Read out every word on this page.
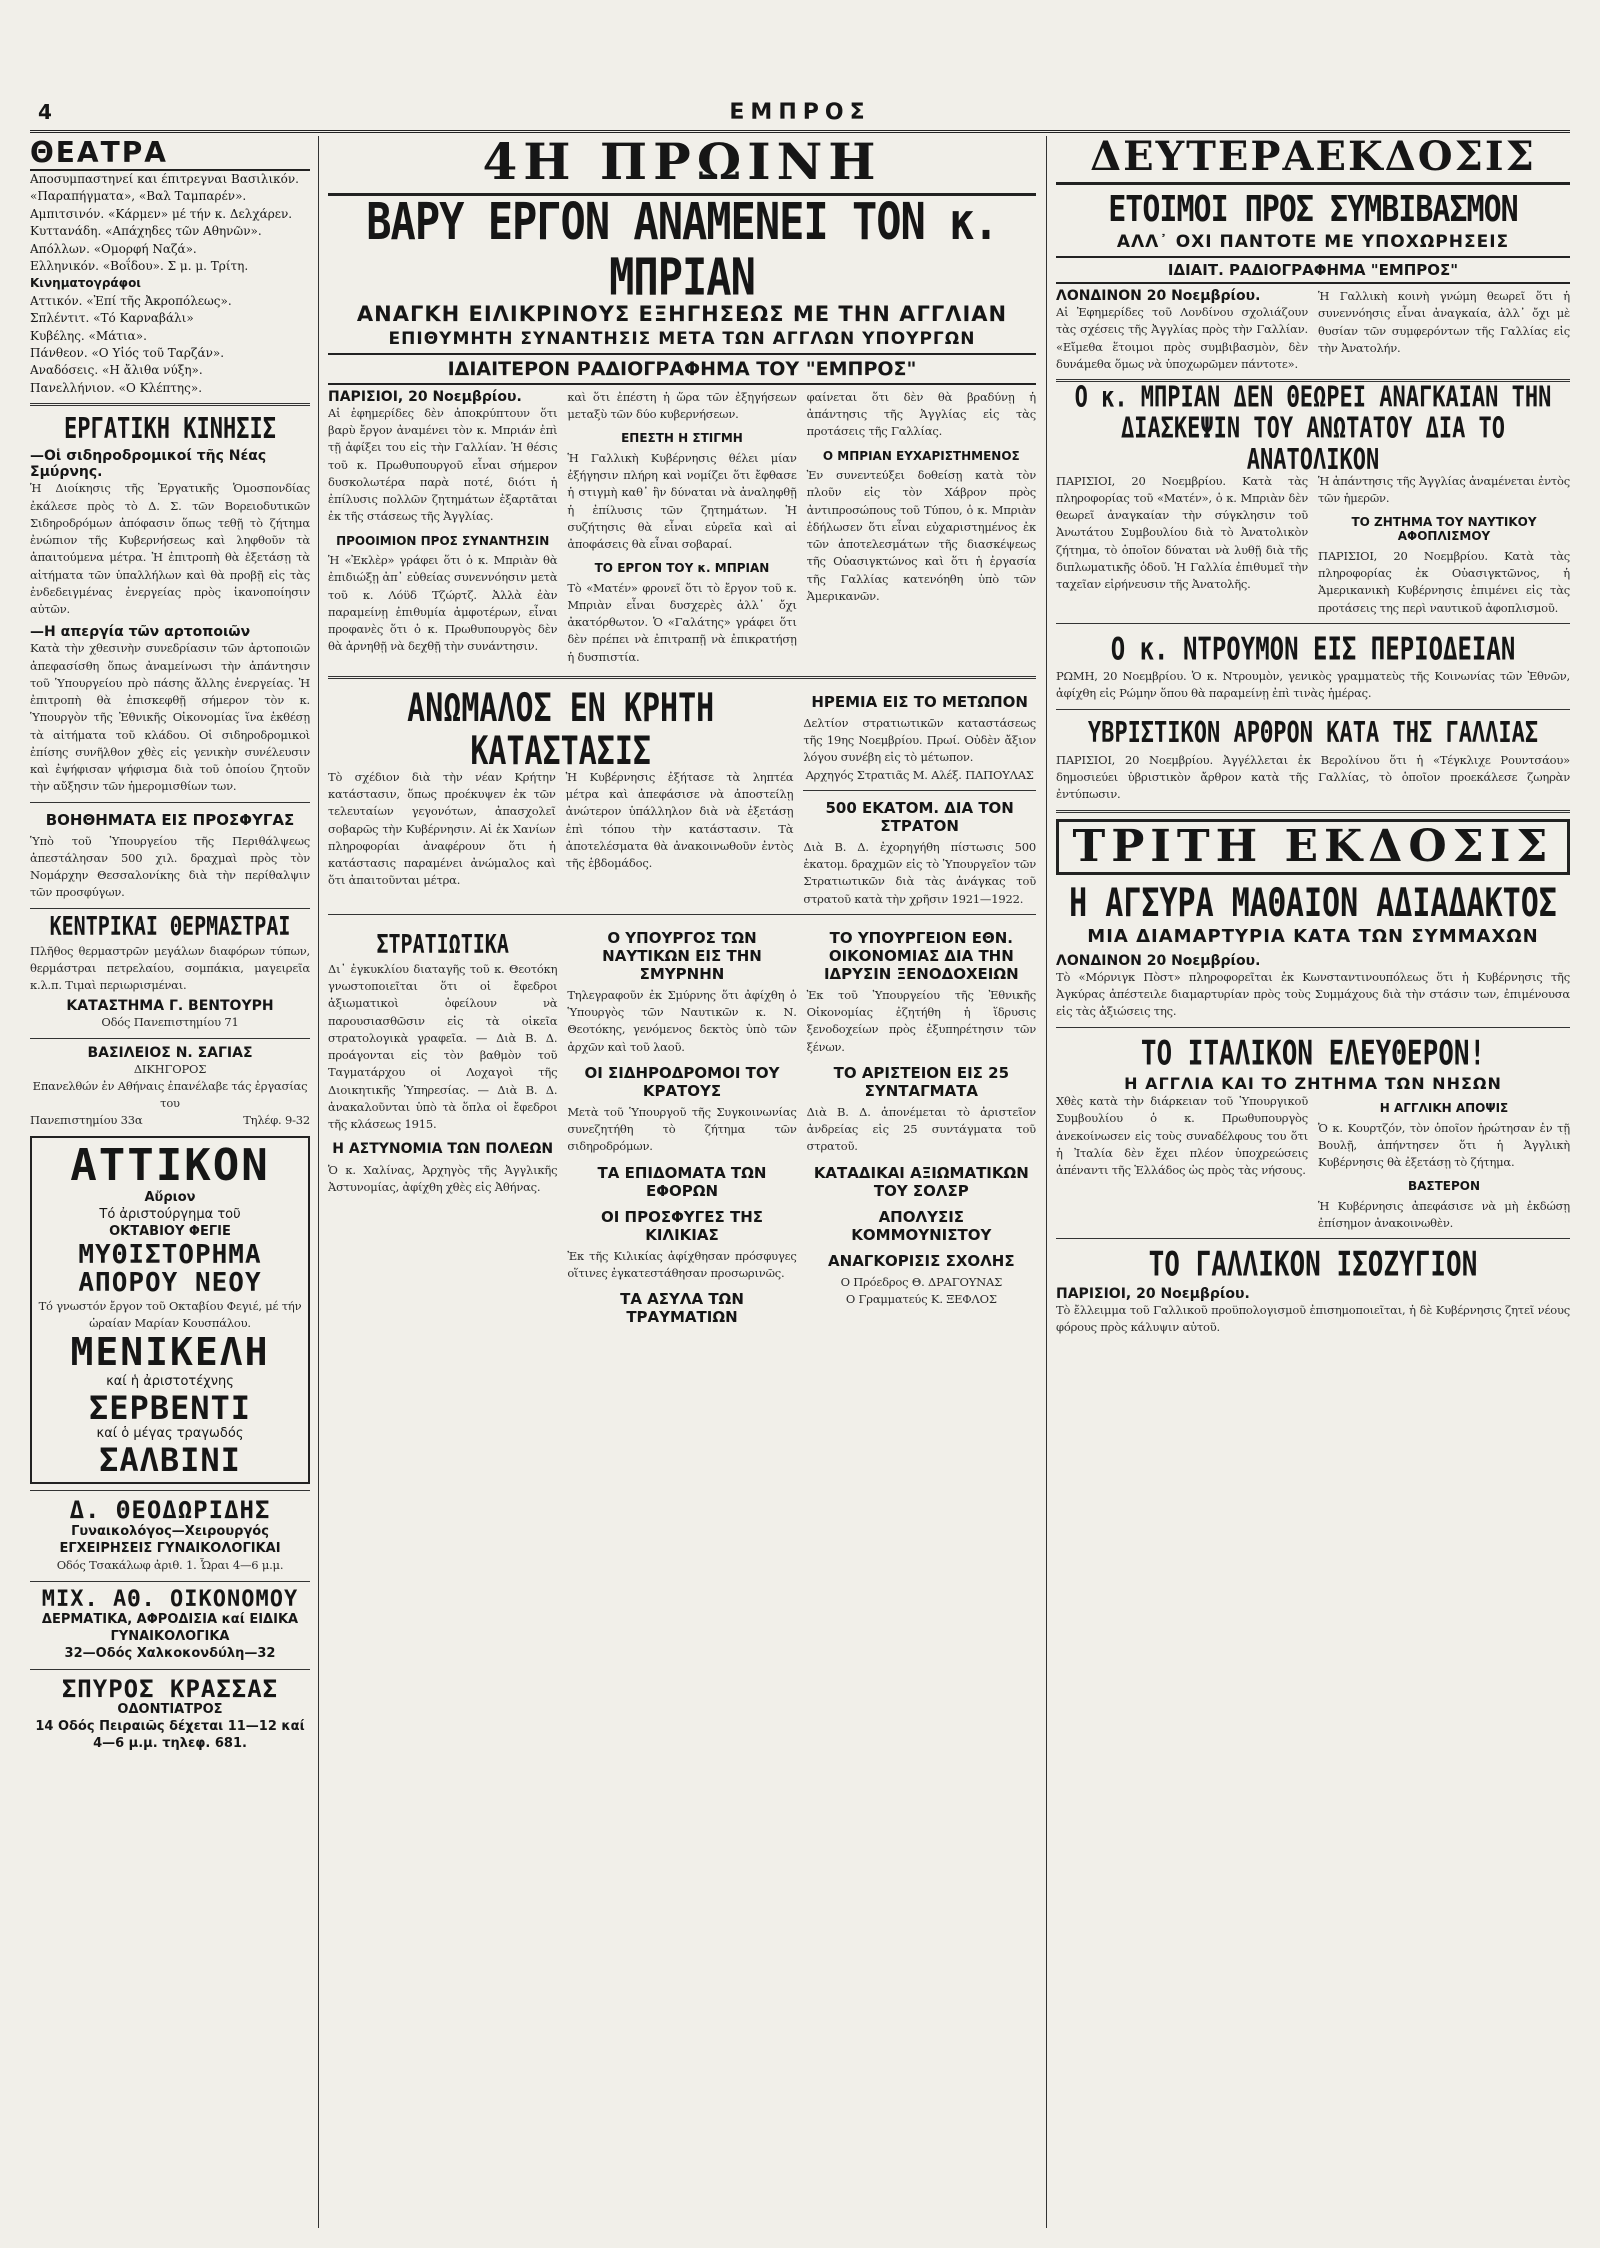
4	ΕΜΠΡΟΣ
ΘΕΑΤΡΑ
Αποσυμπαστηνεί και έπιτρεγναι Βασιλικόν. «Παραπήγματα», «Βαλ Ταμπαρέν».
Αμπιτσινόν. «Κάρμεν» μέ τήν κ. Δελχάρεν.
Κυττανάδη. «Απάχηδες τῶν Αθηνῶν».
Απόλλων. «Ομορφή Ναζά».
Ελληνικόν. «Βοΐδου». Σ μ. μ. Τρίτη.
Κινηματογράφοι
Αττικόν. «Ἐπί τῆς Ἀκροπόλεως».
Σπλέντιτ. «Τό Καρναβάλι»
Κυβέλης. «Μάτια».
Πάνθεον. «Ο Υἱός τοῦ Ταρζάν».
Αναδόσεις. «Η ἄλιθα νύξη».
Πανελλήνιον. «Ο Κλέπτης».
ΕΡΓΑΤΙΚΗ ΚΙΝΗΣΙΣ
—Οἱ σιδηροδρομικοί τῆς Νέας Σμύρνης.
Ἡ Διοίκησις τῆς Ἐργατικῆς Ὁμοσπονδίας ἐκάλεσε πρὸς τὸ Δ. Σ. τῶν Βορειοδυτικῶν Σιδηροδρόμων ἀπόφασιν ὅπως τεθῇ τὸ ζήτημα ἐνώπιον τῆς Κυβερνήσεως καὶ ληφθοῦν τὰ ἀπαιτούμενα μέτρα. Ἡ ἐπιτροπὴ θὰ ἐξετάσῃ τὰ αἰτήματα τῶν ὑπαλλήλων καὶ θὰ προβῇ εἰς τὰς ἐνδεδειγμένας ἐνεργείας πρὸς ἱκανοποίησιν αὐτῶν.
—Η απεργία τῶν αρτοποιῶν
Κατὰ τὴν χθεσινὴν συνεδρίασιν τῶν ἀρτοποιῶν ἀπεφασίσθη ὅπως ἀναμείνωσι τὴν ἀπάντησιν τοῦ Ὑπουργείου πρὸ πάσης ἄλλης ἐνεργείας. Ἡ ἐπιτροπὴ θὰ ἐπισκεφθῇ σήμερον τὸν κ. Ὑπουργὸν τῆς Ἐθνικῆς Οἰκονομίας ἵνα ἐκθέσῃ τὰ αἰτήματα τοῦ κλάδου. Οἱ σιδηροδρομικοὶ ἐπίσης συνῆλθον χθὲς εἰς γενικὴν συνέλευσιν καὶ ἐψήφισαν ψήφισμα διὰ τοῦ ὁποίου ζητοῦν τὴν αὔξησιν τῶν ἡμερομισθίων των.
ΒΟΗΘΗΜΑΤΑ ΕΙΣ ΠΡΟΣΦΥΓΑΣ
Ὑπὸ τοῦ Ὑπουργείου τῆς Περιθάλψεως ἀπεστάλησαν 500 χιλ. δραχμαὶ πρὸς τὸν Νομάρχην Θεσσαλονίκης διὰ τὴν περίθαλψιν τῶν προσφύγων.
ΚΕΝΤΡΙΚΑΙ ΘΕΡΜΑΣΤΡΑΙ
Πλῆθος θερμαστρῶν μεγάλων διαφόρων τύπων, θερμάστραι πετρελαίου, σομπάκια, μαγειρεῖα κ.λ.π. Τιμαὶ περιωρισμέναι.
ΚΑΤΑΣΤΗΜΑ Γ. ΒΕΝΤΟΥΡΗ
Οδός Πανεπιστημίου 71
ΒΑΣΙΛΕΙΟΣ Ν. ΣΑΓΙΑΣ
ΔΙΚΗΓΟΡΟΣ
Επανελθών ἐν Αθήναις ἐπανέλαβε τάς ἐργασίας του
Πανεπιστημίου 33α	Τηλέφ. 9-32
ΑΤΤΙΚΟΝ
Αὔριον
Τό ἀριστούργημα τοῦ
ΟΚΤΑΒΙΟΥ ΦΕΓΙΕ
ΜΥΘΙΣΤΟΡΗΜΑ ΑΠΟΡΟΥ ΝΕΟΥ
Τό γνωστόν ἔργον τοῦ Οκταβίου Φεγιέ, μέ τήν ὡραίαν Μαρίαν Κουσπάλου.
ΜΕΝΙΚΕΛΗ
καί ἡ ἀριστοτέχνης
ΣΕΡΒΕΝΤΙ
καί ὁ μέγας τραγωδός
ΣΑΛΒΙΝΙ
Δ. ΘΕΟΔΩΡΙΔΗΣ
Γυναικολόγος—Χειρουργός
ΕΓΧΕΙΡΗΣΕΙΣ ΓΥΝΑΙΚΟΛΟΓΙΚΑΙ
Οδός Τσακάλωφ ἀριθ. 1. Ὧραι 4—6 μ.μ.
ΜΙΧ. ΑΘ. ΟΙΚΟΝΟΜΟΥ
ΔΕΡΜΑΤΙΚΑ, ΑΦΡΟΔΙΣΙΑ καί ΕΙΔΙΚΑ ΓΥΝΑΙΚΟΛΟΓΙΚΑ
32—Οδός Χαλκοκονδύλη—32
ΣΠΥΡΟΣ ΚΡΑΣΣΑΣ
ΟΔΟΝΤΙΑΤΡΟΣ
14 Οδός Πειραιῶς δέχεται 11—12 καί 4—6 μ.μ. τηλεφ. 681.
4Η ΠΡΩΙΝΗ
ΒΑΡΥ ΕΡΓΟΝ ΑΝΑΜΕΝΕΙ ΤΟΝ κ. ΜΠΡΙΑΝ
ΑΝΑΓΚΗ ΕΙΛΙΚΡΙΝΟΥΣ ΕΞΗΓΗΣΕΩΣ ΜΕ ΤΗΝ ΑΓΓΛΙΑΝ
ΕΠΙΘΥΜΗΤΗ ΣΥΝΑΝΤΗΣΙΣ ΜΕΤΑ ΤΩΝ ΑΓΓΛΩΝ ΥΠΟΥΡΓΩΝ
ΙΔΙΑΙΤΕΡΟΝ ΡΑΔΙΟΓΡΑΦΗΜΑ ΤΟΥ "ΕΜΠΡΟΣ"
ΠΑΡΙΣΙΟΙ, 20 Νοεμβρίου.
Αἱ ἐφημερίδες δὲν ἀποκρύπτουν ὅτι βαρὺ ἔργον ἀναμένει τὸν κ. Μπριάν ἐπὶ τῇ ἀφίξει του εἰς τὴν Γαλλίαν. Ἡ θέσις τοῦ κ. Πρωθυπουργοῦ εἶναι σήμερον δυσκολωτέρα παρὰ ποτέ, διότι ἡ ἐπίλυσις πολλῶν ζητημάτων ἐξαρτᾶται ἐκ τῆς στάσεως τῆς Ἀγγλίας.
ΠΡΟΟΙΜΙΟΝ ΠΡΟΣ ΣΥΝΑΝΤΗΣΙΝ
Ἡ «Ἐκλὲρ» γράφει ὅτι ὁ κ. Μπριὰν θὰ ἐπιδιώξῃ ἀπ᾽ εὐθείας συνεννόησιν μετὰ τοῦ κ. Λόϋδ Τζώρτζ. Ἀλλὰ ἐὰν παραμείνῃ ἐπιθυμία ἀμφοτέρων, εἶναι προφανὲς ὅτι ὁ κ. Πρωθυπουργὸς δὲν θὰ ἀρνηθῇ νὰ δεχθῇ τὴν συνάντησιν.
καὶ ὅτι ἐπέστη ἡ ὥρα τῶν ἐξηγήσεων μεταξὺ τῶν δύο κυβερνήσεων.
ΕΠΕΣΤΗ Η ΣΤΙΓΜΗ
Ἡ Γαλλικὴ Κυβέρνησις θέλει μίαν ἐξήγησιν πλήρη καὶ νομίζει ὅτι ἔφθασε ἡ στιγμὴ καθ᾽ ἣν δύναται νὰ ἀναληφθῇ ἡ ἐπίλυσις τῶν ζητημάτων. Ἡ συζήτησις θὰ εἶναι εὐρεῖα καὶ αἱ ἀποφάσεις θὰ εἶναι σοβαραί.
ΤΟ ΕΡΓΟΝ ΤΟΥ κ. ΜΠΡΙΑΝ
Τὸ «Ματέν» φρονεῖ ὅτι τὸ ἔργον τοῦ κ. Μπριὰν εἶναι δυσχερὲς ἀλλ᾽ ὄχι ἀκατόρθωτον. Ὁ «Γαλάτης» γράφει ὅτι δὲν πρέπει νὰ ἐπιτραπῇ νὰ ἐπικρατήσῃ ἡ δυσπιστία.
φαίνεται ὅτι δὲν θὰ βραδύνῃ ἡ ἀπάντησις τῆς Ἀγγλίας εἰς τὰς προτάσεις τῆς Γαλλίας.
Ο ΜΠΡΙΑΝ ΕΥΧΑΡΙΣΤΗΜΕΝΟΣ
Ἐν συνεντεύξει δοθείσῃ κατὰ τὸν πλοῦν εἰς τὸν Χάβρον πρὸς ἀντιπροσώπους τοῦ Τύπου, ὁ κ. Μπριὰν ἐδήλωσεν ὅτι εἶναι εὐχαριστημένος ἐκ τῶν ἀποτελεσμάτων τῆς διασκέψεως τῆς Οὐασιγκτώνος καὶ ὅτι ἡ ἐργασία τῆς Γαλλίας κατενόηθη ὑπὸ τῶν Ἀμερικανῶν.
ΑΝΩΜΑΛΟΣ ΕΝ ΚΡΗΤΗ ΚΑΤΑΣΤΑΣΙΣ
Τὸ σχέδιον διὰ τὴν νέαν Κρήτην κατάστασιν, ὅπως προέκυψεν ἐκ τῶν τελευταίων γεγονότων, ἀπασχολεῖ σοβαρῶς τὴν Κυβέρνησιν. Αἱ ἐκ Χανίων πληροφορίαι ἀναφέρουν ὅτι ἡ κατάστασις παραμένει ἀνώμαλος καὶ ὅτι ἀπαιτοῦνται μέτρα.
Ἡ Κυβέρνησις ἐξήτασε τὰ ληπτέα μέτρα καὶ ἀπεφάσισε νὰ ἀποστείλῃ ἀνώτερον ὑπάλληλον διὰ νὰ ἐξετάσῃ ἐπὶ τόπου τὴν κατάστασιν. Τὰ ἀποτελέσματα θὰ ἀνακοινωθοῦν ἐντὸς τῆς ἑβδομάδος.
ΗΡΕΜΙΑ ΕΙΣ ΤΟ ΜΕΤΩΠΟΝ
Δελτίον στρατιωτικῶν καταστάσεως τῆς 19ης Νοεμβρίου. Πρωί. Οὐδὲν ἄξιον λόγου συνέβη εἰς τὸ μέτωπον.
Αρχηγός Στρατιᾶς Μ. Αλέξ. ΠΑΠΟΥΛΑΣ
500 ΕΚΑΤΟΜ. ΔΙΑ ΤΟΝ ΣΤΡΑΤΟΝ
Διὰ Β. Δ. ἐχορηγήθη πίστωσις 500 ἑκατομ. δραχμῶν εἰς τὸ Ὑπουργεῖον τῶν Στρατιωτικῶν διὰ τὰς ἀνάγκας τοῦ στρατοῦ κατὰ τὴν χρῆσιν 1921—1922.
ΣΤΡΑΤΙΩΤΙΚΑ
Δι᾽ ἐγκυκλίου διαταγῆς τοῦ κ. Θεοτόκη γνωστοποιεῖται ὅτι οἱ ἔφεδροι ἀξιωματικοὶ ὀφείλουν νὰ παρουσιασθῶσιν εἰς τὰ οἰκεῖα στρατολογικὰ γραφεῖα. — Διὰ Β. Δ. προάγονται εἰς τὸν βαθμὸν τοῦ Ταγματάρχου οἱ Λοχαγοὶ τῆς Διοικητικῆς Ὑπηρεσίας. — Διὰ Β. Δ. ἀνακαλοῦνται ὑπὸ τὰ ὅπλα οἱ ἔφεδροι τῆς κλάσεως 1915.
Η ΑΣΤΥΝΟΜΙΑ ΤΩΝ ΠΟΛΕΩΝ
Ὁ κ. Χαλίνας, Ἀρχηγὸς τῆς Ἀγγλικῆς Ἀστυνομίας, ἀφίχθη χθὲς εἰς Ἀθήνας.
Ο ΥΠΟΥΡΓΟΣ ΤΩΝ ΝΑΥΤΙΚΩΝ ΕΙΣ ΤΗΝ ΣΜΥΡΝΗΝ
Τηλεγραφοῦν ἐκ Σμύρνης ὅτι ἀφίχθη ὁ Ὑπουργὸς τῶν Ναυτικῶν κ. Ν. Θεοτόκης, γενόμενος δεκτὸς ὑπὸ τῶν ἀρχῶν καὶ τοῦ λαοῦ.
ΟΙ ΣΙΔΗΡΟΔΡΟΜΟΙ ΤΟΥ ΚΡΑΤΟΥΣ
Μετὰ τοῦ Ὑπουργοῦ τῆς Συγκοινωνίας συνεζητήθη τὸ ζήτημα τῶν σιδηροδρόμων.
ΤΑ ΕΠΙΔΟΜΑΤΑ ΤΩΝ ΕΦΟΡΩΝ
ΟΙ ΠΡΟΣΦΥΓΕΣ ΤΗΣ ΚΙΛΙΚΙΑΣ
Ἐκ τῆς Κιλικίας ἀφίχθησαν πρόσφυγες οἵτινες ἐγκατεστάθησαν προσωρινῶς.
ΤΑ ΑΣΥΛΑ ΤΩΝ ΤΡΑΥΜΑΤΙΩΝ
ΤΟ ΥΠΟΥΡΓΕΙΟΝ ΕΘΝ. ΟΙΚΟΝΟΜΙΑΣ ΔΙΑ ΤΗΝ ΙΔΡΥΣΙΝ ΞΕΝΟΔΟΧΕΙΩΝ
Ἐκ τοῦ Ὑπουργείου τῆς Ἐθνικῆς Οἰκονομίας ἐζητήθη ἡ ἵδρυσις ξενοδοχείων πρὸς ἐξυπηρέτησιν τῶν ξένων.
ΤΟ ΑΡΙΣΤΕΙΟΝ ΕΙΣ 25 ΣΥΝΤΑΓΜΑΤΑ
Διὰ Β. Δ. ἀπονέμεται τὸ ἀριστεῖον ἀνδρείας εἰς 25 συντάγματα τοῦ στρατοῦ.
ΚΑΤΑΔΙΚΑΙ ΑΞΙΩΜΑΤΙΚΩΝ ΤΟΥ ΣΟΛΣΡ
ΑΠΟΛΥΣΙΣ ΚΟΜΜΟΥΝΙΣΤΟΥ
ΑΝΑΓΚΟΡΙΣΙΣ ΣΧΟΛΗΣ
Ο Πρόεδρος Θ. ΔΡΑΓΟΥΝΑΣ
Ο Γραμματεύς Κ. ΞΕΦΛΟΣ
ΔΕΥΤΕΡΑΕΚΔΟΣΙΣ
ΕΤΟΙΜΟΙ ΠΡΟΣ ΣΥΜΒΙΒΑΣΜΟΝ
ΑΛΛ᾽ ΟΧΙ ΠΑΝΤΟΤΕ ΜΕ ΥΠΟΧΩΡΗΣΕΙΣ
ΙΔΙΑΙΤ. ΡΑΔΙΟΓΡΑΦΗΜΑ "ΕΜΠΡΟΣ"
ΛΟΝΔΙΝΟΝ 20 Νοεμβρίου.
Αἱ Ἐφημερίδες τοῦ Λονδίνου σχολιάζουν τὰς σχέσεις τῆς Ἀγγλίας πρὸς τὴν Γαλλίαν. «Εἴμεθα ἕτοιμοι πρὸς συμβιβασμὸν, δὲν δυνάμεθα ὅμως νὰ ὑποχωρῶμεν πάντοτε».
Ἡ Γαλλικὴ κοινὴ γνώμη θεωρεῖ ὅτι ἡ συνεννόησις εἶναι ἀναγκαία, ἀλλ᾽ ὄχι μὲ θυσίαν τῶν συμφερόντων τῆς Γαλλίας εἰς τὴν Ἀνατολήν.
Ο κ. ΜΠΡΙΑΝ ΔΕΝ ΘΕΩΡΕΙ ΑΝΑΓΚΑΙΑΝ ΤΗΝ ΔΙΑΣΚΕΨΙΝ ΤΟΥ ΑΝΩΤΑΤΟΥ ΔΙΑ ΤΟ ΑΝΑΤΟΛΙΚΟΝ
ΠΑΡΙΣΙΟΙ, 20 Νοεμβρίου. Κατὰ τὰς πληροφορίας τοῦ «Ματέν», ὁ κ. Μπριὰν δὲν θεωρεῖ ἀναγκαίαν τὴν σύγκλησιν τοῦ Ἀνωτάτου Συμβουλίου διὰ τὸ Ἀνατολικὸν ζήτημα, τὸ ὁποῖον δύναται νὰ λυθῇ διὰ τῆς διπλωματικῆς ὁδοῦ. Ἡ Γαλλία ἐπιθυμεῖ τὴν ταχεῖαν εἰρήνευσιν τῆς Ἀνατολῆς.
Ἡ ἀπάντησις τῆς Ἀγγλίας ἀναμένεται ἐντὸς τῶν ἡμερῶν.
ΤΟ ΖΗΤΗΜΑ ΤΟΥ ΝΑΥΤΙΚΟΥ ΑΦΟΠΛΙΣΜΟΥ
ΠΑΡΙΣΙΟΙ, 20 Νοεμβρίου. Κατὰ τὰς πληροφορίας ἐκ Οὐασιγκτῶνος, ἡ Ἀμερικανικὴ Κυβέρνησις ἐπιμένει εἰς τὰς προτάσεις της περὶ ναυτικοῦ ἀφοπλισμοῦ.
Ο κ. ΝΤΡΟΥΜΟΝ ΕΙΣ ΠΕΡΙΟΔΕΙΑΝ
ΡΩΜΗ, 20 Νοεμβρίου. Ὁ κ. Ντρουμὸν, γενικὸς γραμματεὺς τῆς Κοινωνίας τῶν Ἐθνῶν, ἀφίχθη εἰς Ρώμην ὅπου θὰ παραμείνῃ ἐπὶ τινὰς ἡμέρας.
ΥΒΡΙΣΤΙΚΟΝ ΑΡΘΡΟΝ ΚΑΤΑ ΤΗΣ ΓΑΛΛΙΑΣ
ΠΑΡΙΣΙΟΙ, 20 Νοεμβρίου. Ἀγγέλλεται ἐκ Βερολίνου ὅτι ἡ «Τέγκλιχε Ρουντσάου» δημοσιεύει ὑβριστικὸν ἄρθρον κατὰ τῆς Γαλλίας, τὸ ὁποῖον προεκάλεσε ζωηρὰν ἐντύπωσιν.
ΤΡΙΤΗ ΕΚΔΟΣΙΣ
Η ΑΓΣΥΡΑ ΜΑΘΑΙΟΝ ΑΔΙΑΔΑΚΤΟΣ
ΜΙΑ ΔΙΑΜΑΡΤΥΡΙΑ ΚΑΤΑ ΤΩΝ ΣΥΜΜΑΧΩΝ
ΛΟΝΔΙΝΟΝ 20 Νοεμβρίου.
Τὸ «Μόρνιγκ Πὸστ» πληροφορεῖται ἐκ Κωνσταντινουπόλεως ὅτι ἡ Κυβέρνησις τῆς Ἀγκύρας ἀπέστειλε διαμαρτυρίαν πρὸς τοὺς Συμμάχους διὰ τὴν στάσιν των, ἐπιμένουσα εἰς τὰς ἀξιώσεις της.
ΤΟ ΙΤΑΛΙΚΟΝ ΕΛΕΥΘΕΡΟΝ!
Η ΑΓΓΛΙΑ ΚΑΙ ΤΟ ΖΗΤΗΜΑ ΤΩΝ ΝΗΣΩΝ
Χθὲς κατὰ τὴν διάρκειαν τοῦ Ὑπουργικοῦ Συμβουλίου ὁ κ. Πρωθυπουργὸς ἀνεκοίνωσεν εἰς τοὺς συναδέλφους του ὅτι ἡ Ἰταλία δὲν ἔχει πλέον ὑποχρεώσεις ἀπέναντι τῆς Ἑλλάδος ὡς πρὸς τὰς νήσους.
Η ΑΓΓΛΙΚΗ ΑΠΟΨΙΣ
Ὁ κ. Κουρτζόν, τὸν ὁποῖον ἡρώτησαν ἐν τῇ Βουλῇ, ἀπήντησεν ὅτι ἡ Ἀγγλικὴ Κυβέρνησις θὰ ἐξετάσῃ τὸ ζήτημα.
ΒΑΣΤΕΡΟΝ
Ἡ Κυβέρνησις ἀπεφάσισε νὰ μὴ ἐκδώσῃ ἐπίσημον ἀνακοινωθὲν.
ΤΟ ΓΑΛΛΙΚΟΝ ΙΣΟΖΥΓΙΟΝ
ΠΑΡΙΣΙΟΙ, 20 Νοεμβρίου.
Τὸ ἔλλειμμα τοῦ Γαλλικοῦ προϋπολογισμοῦ ἐπισημοποιεῖται, ἡ δὲ Κυβέρνησις ζητεῖ νέους φόρους πρὸς κάλυψιν αὐτοῦ.
